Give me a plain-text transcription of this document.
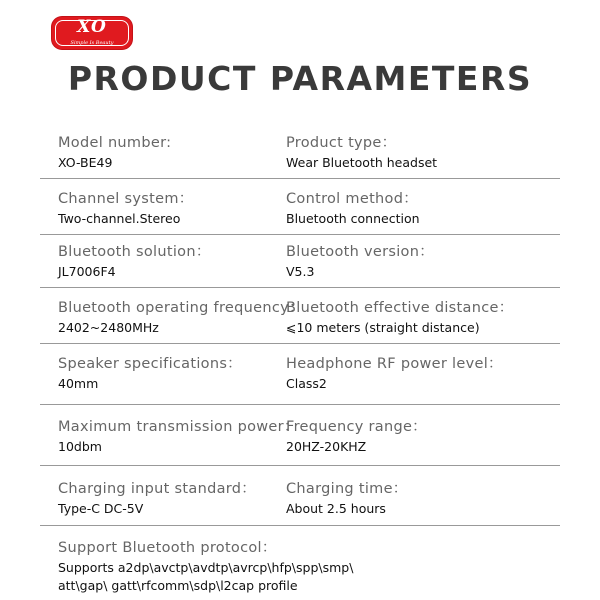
XO
Simple Is Beauty
PRODUCT PARAMETERS
Model number:
XO-BE49
Product type：
Wear Bluetooth headset
Channel system：
Two-channel.Stereo
Control method：
Bluetooth connection
Bluetooth solution：
JL7006F4
Bluetooth version：
V5.3
Bluetooth operating frequency：
2402~2480MHz
Bluetooth effective distance：
⩽10 meters (straight distance)
Speaker specifications：
40mm
Headphone RF power level：
Class2
Maximum transmission power：
10dbm
Frequency range：
20HZ-20KHZ
Charging input standard：
Type-C DC-5V
Charging time：
About 2.5 hours
Support Bluetooth protocol：
Supports a2dp\avctp\avdtp\avrcp\hfp\spp\smp\
att\gap\ gatt\rfcomm\sdp\l2cap profile
